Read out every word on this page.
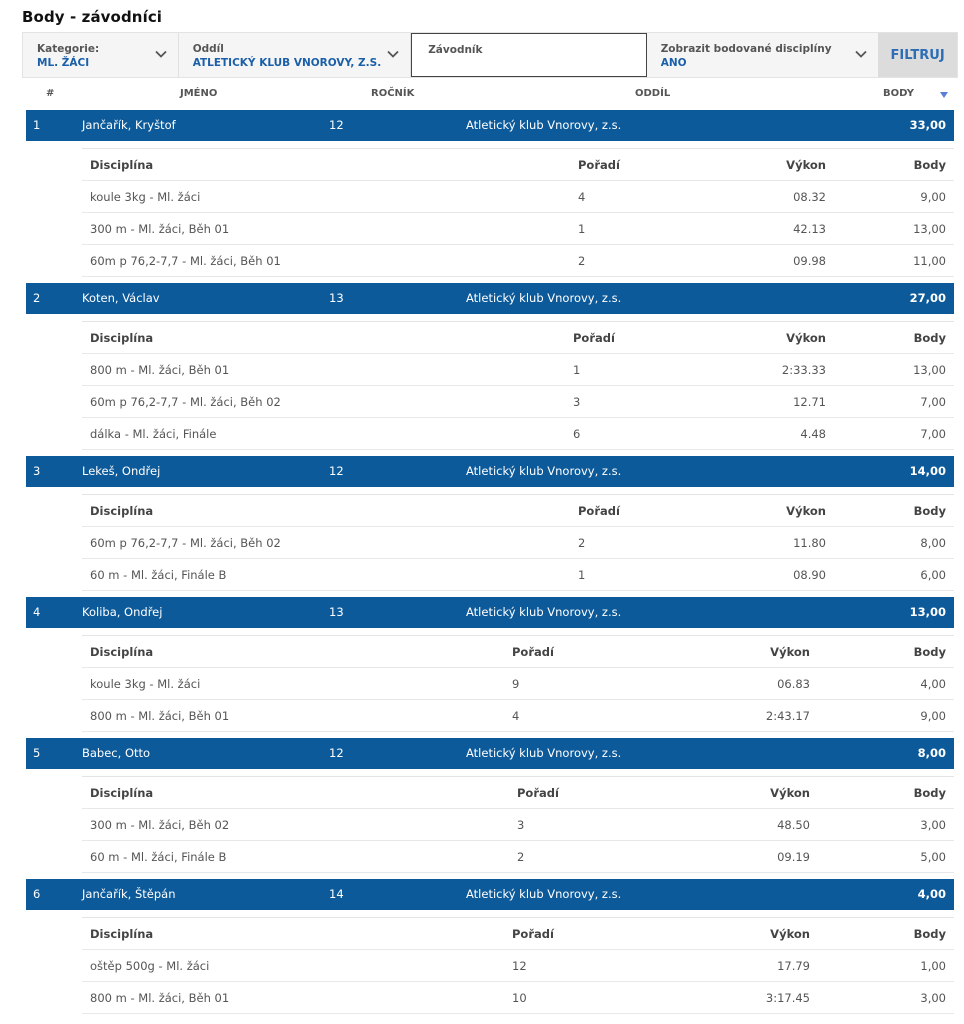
Body - závodníci
Kategorie:
ML. ŽÁCI
Oddíl
ATLETICKÝ KLUB VNOROVY, Z.S.
Závodník	Zobrazit bodované disciplíny
ANO
FILTRUJ
#	JMÉNO	ROČNÍK	ODDÍL	BODY
1	Jančařík, Kryštof	12	Atletický klub Vnorovy, z.s.	33,00
Disciplína	Pořadí	Výkon	Body
koule 3kg - Ml. žáci	4	08.32	9,00
300 m - Ml. žáci, Běh 01	1	42.13	13,00
60m p 76,2-7,7 - Ml. žáci, Běh 01	2	09.98	11,00
2	Koten, Václav	13	Atletický klub Vnorovy, z.s.	27,00
Disciplína	Pořadí	Výkon	Body
800 m - Ml. žáci, Běh 01	1	2:33.33	13,00
60m p 76,2-7,7 - Ml. žáci, Běh 02	3	12.71	7,00
dálka - Ml. žáci, Finále	6	4.48	7,00
3	Lekeš, Ondřej	12	Atletický klub Vnorovy, z.s.	14,00
Disciplína	Pořadí	Výkon	Body
60m p 76,2-7,7 - Ml. žáci, Běh 02	2	11.80	8,00
60 m - Ml. žáci, Finále B	1	08.90	6,00
4	Koliba, Ondřej	13	Atletický klub Vnorovy, z.s.	13,00
Disciplína	Pořadí	Výkon	Body
koule 3kg - Ml. žáci	9	06.83	4,00
800 m - Ml. žáci, Běh 01	4	2:43.17	9,00
5	Babec, Otto	12	Atletický klub Vnorovy, z.s.	8,00
Disciplína	Pořadí	Výkon	Body
300 m - Ml. žáci, Běh 02	3	48.50	3,00
60 m - Ml. žáci, Finále B	2	09.19	5,00
6	Jančařík, Štěpán	14	Atletický klub Vnorovy, z.s.	4,00
Disciplína	Pořadí	Výkon	Body
oštěp 500g - Ml. žáci	12	17.79	1,00
800 m - Ml. žáci, Běh 01	10	3:17.45	3,00
